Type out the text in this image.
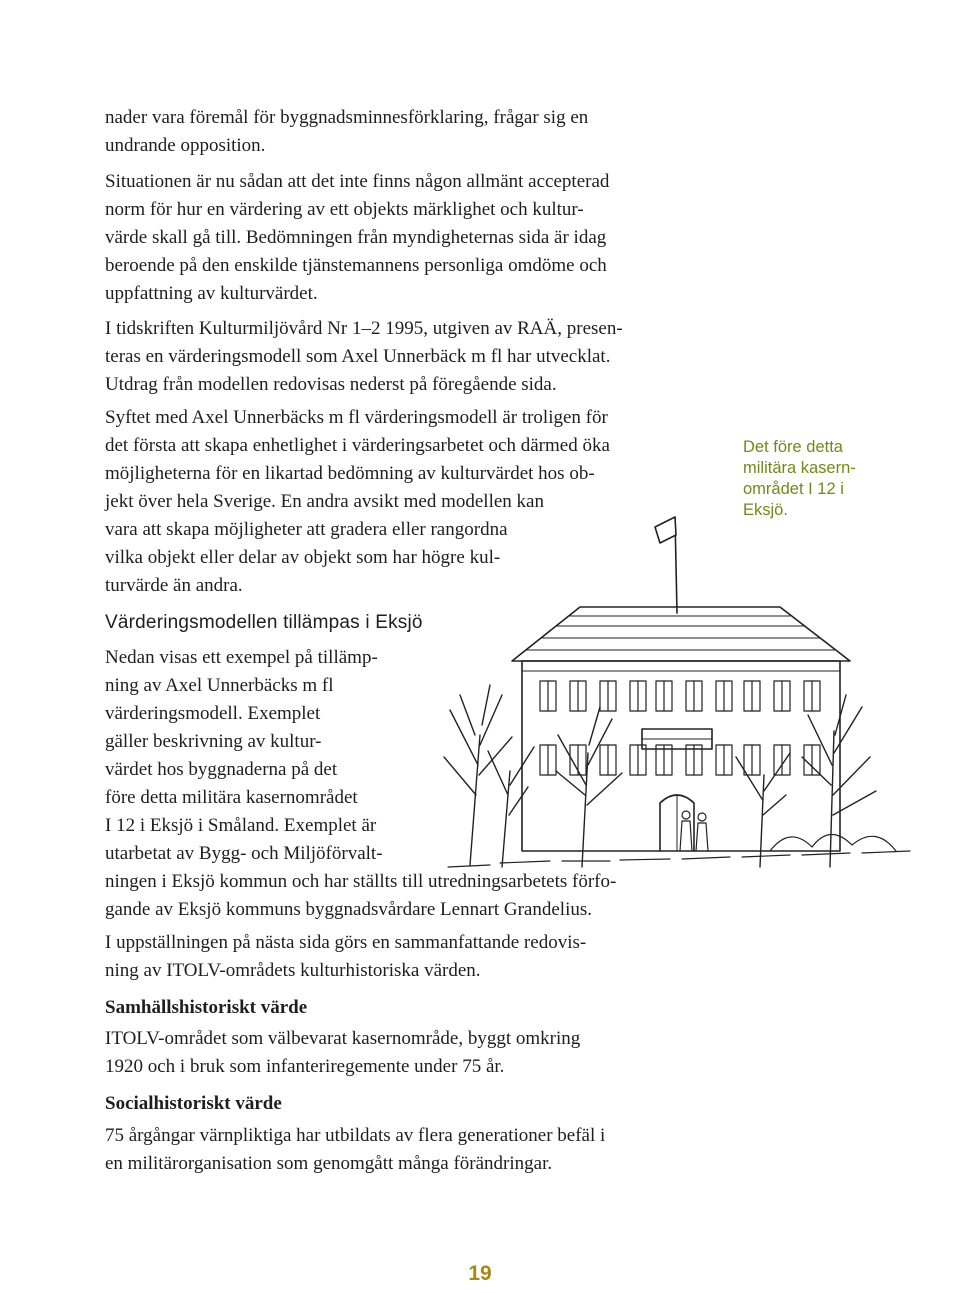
nader vara föremål för byggnadsminnesförklaring, frågar sig en

undrande opposition.

Situationen är nu sådan att det inte finns någon allmänt accepterad

norm för hur en värdering av ett objekts märklighet och kultur-

värde skall gå till. Bedömningen från myndigheternas sida är idag

beroende på den enskilde tjänstemannens personliga omdöme och

uppfattning av kulturvärdet.

I tidskriften Kulturmiljövård Nr 1–2 1995, utgiven av RAÄ, presen-

teras en värderingsmodell som Axel Unnerbäck m fl har utvecklat.

Utdrag från modellen redovisas nederst på föregående sida.

Syftet med Axel Unnerbäcks m fl värderingsmodell är troligen för

det första att skapa enhetlighet i värderingsarbetet och därmed öka

möjligheterna för en likartad bedömning av kulturvärdet hos ob-

jekt över hela Sverige. En andra avsikt med modellen kan

vara att skapa möjligheter att gradera eller rangordna

vilka objekt eller delar av objekt som har högre kul-

turvärde än andra.

Värderingsmodellen tillämpas i Eksjö

Nedan visas ett exempel på tillämp-

ning av Axel Unnerbäcks m fl

värderingsmodell. Exemplet

gäller beskrivning av kultur-

värdet hos byggnaderna på det

före detta militära kasernområdet

I 12 i Eksjö i Småland. Exemplet är

utarbetat av Bygg- och Miljöförvalt-

ningen i Eksjö kommun och har ställts till utredningsarbetets förfo-

gande av Eksjö kommuns byggnadsvårdare Lennart Grandelius.

I uppställningen på nästa sida görs en sammanfattande redovis-

ning av ITOLV-områdets kulturhistoriska värden.

Samhällshistoriskt värde

ITOLV-området som välbevarat kasernområde, byggt omkring

1920 och i bruk som infanteriregemente under 75 år.

Socialhistoriskt värde

75 årgångar värnpliktiga har utbildats av flera generationer befäl i

en militärorganisation som genomgått många förändringar.

Det före detta

militära kasern-

området I 12 i

Eksjö.

19
